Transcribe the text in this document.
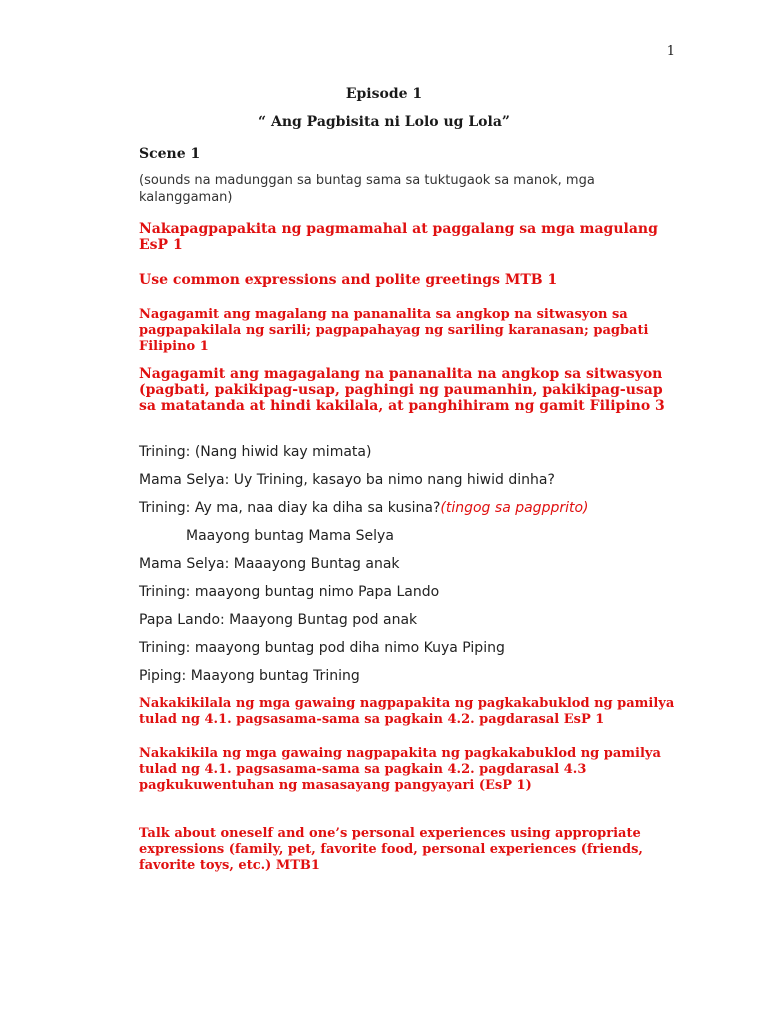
1

Episode 1

“ Ang Pagbisita ni Lolo ug Lola”

Scene 1

(sounds na madunggan sa buntag sama sa tuktugaok sa manok, mga kalanggaman)

Nakapagpapakita ng pagmamahal at paggalang sa mga magulang EsP 1

Use common expressions and polite greetings MTB 1

Nagagamit ang magalang na pananalita sa angkop na sitwasyon sa pagpapakilala ng sarili; pagpapahayag ng sariling karanasan; pagbati Filipino 1

Nagagamit ang magagalang na pananalita na angkop sa sitwasyon (pagbati, pakikipag-usap, paghingi ng paumanhin, pakikipag-usap sa matatanda at hindi kakilala, at panghihiram ng gamit Filipino 3

Trining: (Nang hiwid kay mimata)

Mama Selya: Uy Trining, kasayo ba nimo nang hiwid dinha?

Trining: Ay ma, naa diay ka diha sa kusina?(tingog sa pagpprito)

Maayong buntag Mama Selya

Mama Selya: Maaayong Buntag anak

Trining: maayong buntag nimo Papa Lando

Papa Lando: Maayong Buntag pod anak

Trining: maayong buntag pod diha nimo Kuya Piping

Piping: Maayong buntag Trining

Nakakikilala ng mga gawaing nagpapakita ng pagkakabuklod ng pamilya tulad ng 4.1. pagsasama-sama sa pagkain 4.2. pagdarasal EsP 1

Nakakikila ng mga gawaing nagpapakita ng pagkakabuklod ng pamilya tulad ng 4.1. pagsasama-sama sa pagkain 4.2. pagdarasal 4.3 pagkukuwentuhan ng masasayang pangyayari (EsP 1)

Talk about oneself and one’s personal experiences using appropriate expressions (family, pet, favorite food, personal experiences (friends, favorite toys, etc.) MTB1
